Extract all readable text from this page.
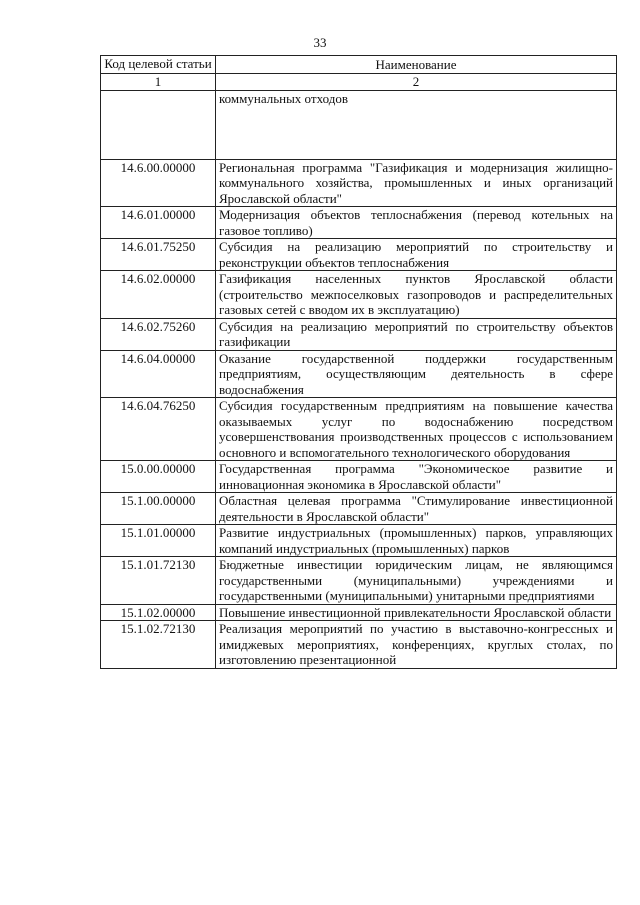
33
Код целевой статьи	Наименование
1	2
	коммунальных отходов
14.6.00.00000	Региональная программа "Газификация и модернизация жилищно-коммунального хозяйства, промышленных и иных организаций Ярославской области"
14.6.01.00000	Модернизация объектов теплоснабжения (перевод котельных на газовое топливо)
14.6.01.75250	Субсидия на реализацию мероприятий по строительству и реконструкции объектов теплоснабжения
14.6.02.00000	Газификация населенных пунктов Ярославской области (строительство межпоселковых газопроводов и распределительных газовых сетей с вводом их в эксплуатацию)
14.6.02.75260	Субсидия на реализацию мероприятий по строительству объектов газификации
14.6.04.00000	Оказание государственной поддержки государственным предприятиям, осуществляющим деятельность в сфере водоснабжения
14.6.04.76250	Субсидия государственным предприятиям на повышение качества оказываемых услуг по водоснабжению посредством усовершенствования производственных процессов с использованием основного и вспомогательного технологического оборудования
15.0.00.00000	Государственная программа "Экономическое развитие и инновационная экономика в Ярославской области"
15.1.00.00000	Областная целевая программа "Стимулирование инвестиционной деятельности в Ярославской области"
15.1.01.00000	Развитие индустриальных (промышленных) парков, управляющих компаний индустриальных (промышленных) парков
15.1.01.72130	Бюджетные инвестиции юридическим лицам, не являющимся государственными (муниципальными) учреждениями и государственными (муниципальными) унитарными предприятиями
15.1.02.00000	Повышение инвестиционной привлекательности Ярославской области
15.1.02.72130	Реализация мероприятий по участию в выставочно-конгрессных и имиджевых мероприятиях, конференциях, круглых столах, по изготовлению презентационной
